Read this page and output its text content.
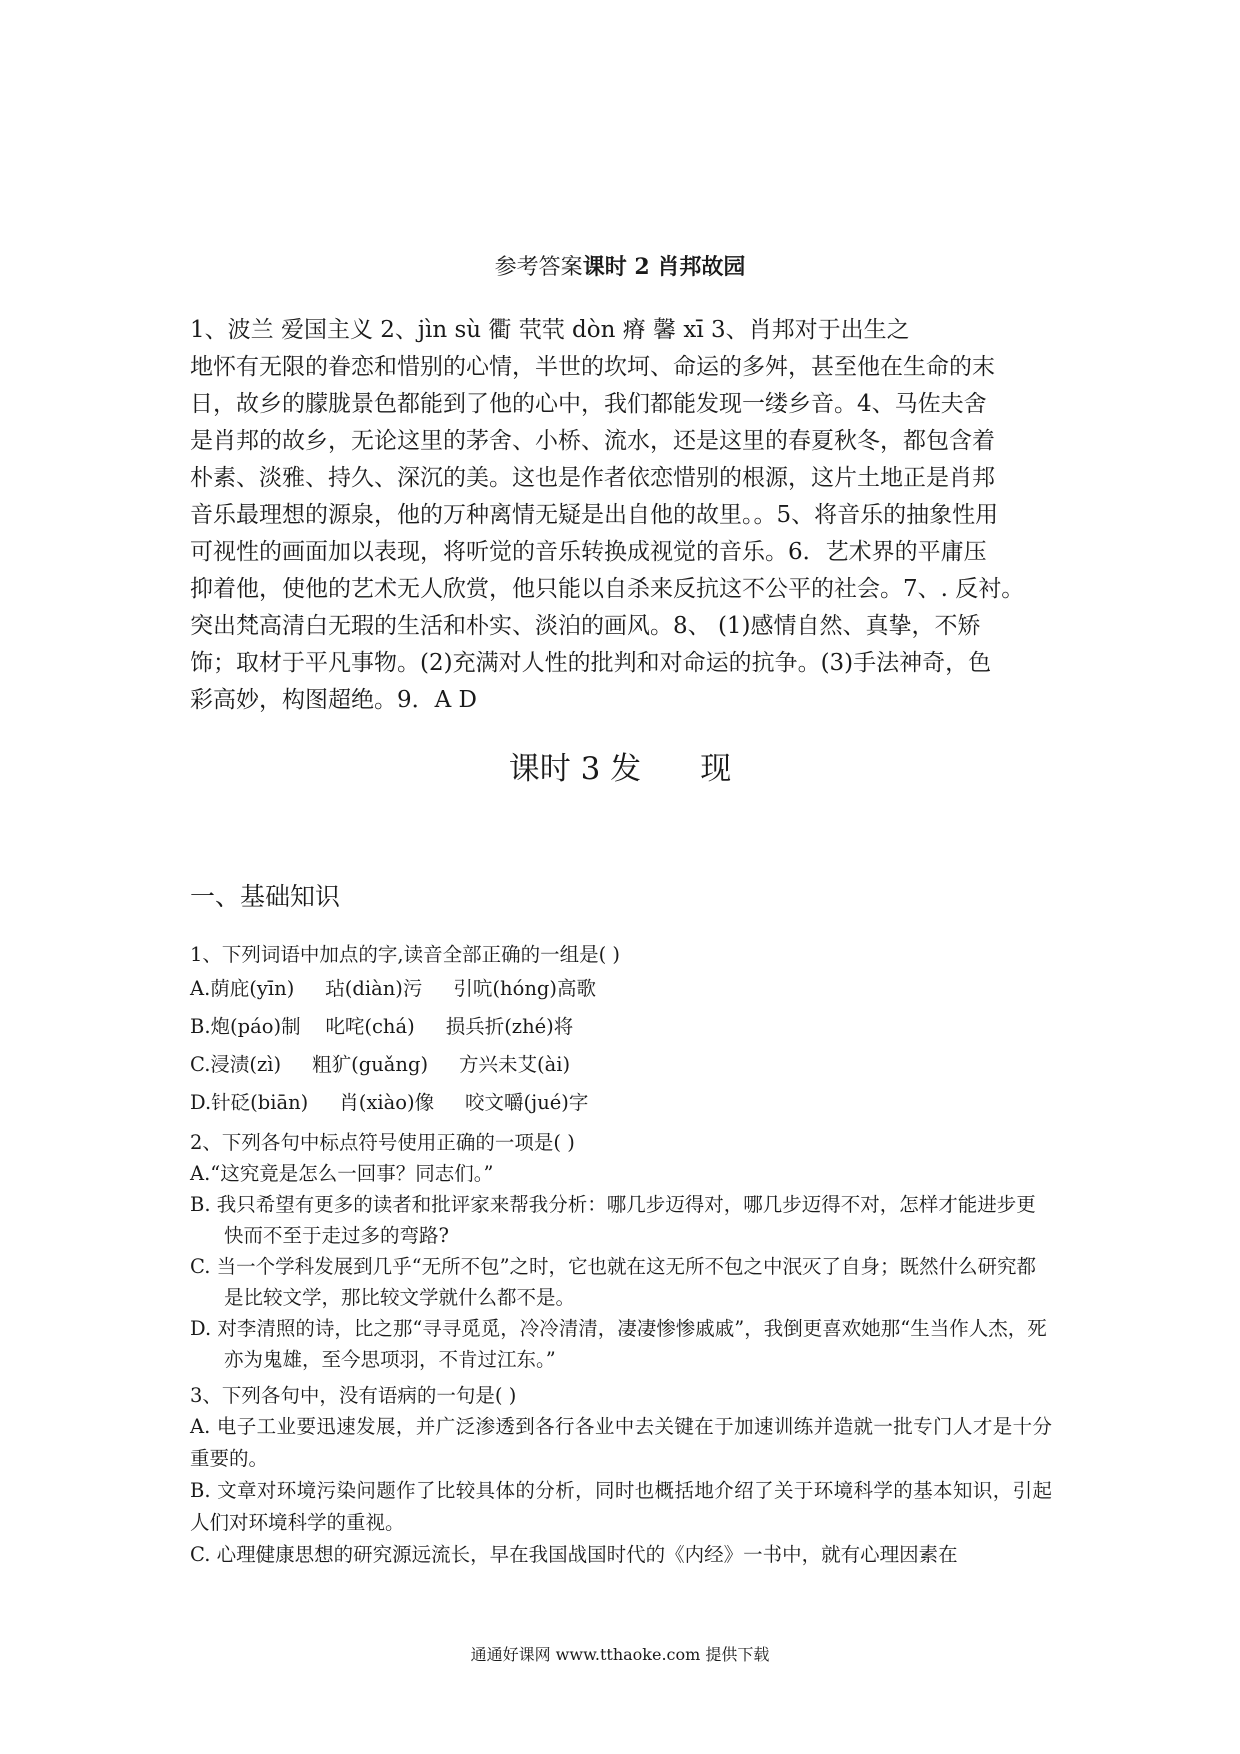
参考答案课时 2 肖邦故园
1、波兰 爱国主义 2、jìn sù 衢 茕茕 dòn 瘠 馨 xī 3、肖邦对于出生之
地怀有无限的眷恋和惜别的心情，半世的坎坷、命运的多舛，甚至他在生命的末
日，故乡的朦胧景色都能到了他的心中，我们都能发现一缕乡音。4、马佐夫舍
是肖邦的故乡，无论这里的茅舍、小桥、流水，还是这里的春夏秋冬，都包含着
朴素、淡雅、持久、深沉的美。这也是作者依恋惜别的根源，这片土地正是肖邦
音乐最理想的源泉，他的万种离情无疑是出自他的故里。。5、将音乐的抽象性用
可视性的画面加以表现，将听觉的音乐转换成视觉的音乐。6．艺术界的平庸压
抑着他，使他的艺术无人欣赏，他只能以自杀来反抗这不公平的社会。7、. 反衬。
突出梵高清白无瑕的生活和朴实、淡泊的画风。8、 (1)感情自然、真挚，不矫
饰；取材于平凡事物。(2)充满对人性的批判和对命运的抗争。(3)手法神奇，色
彩高妙，构图超绝。9．A D
课时 3 发      现
一、基础知识

1、下列词语中加点的字,读音全部正确的一组是( )

A.荫庇(yīn)     玷(diàn)污     引吭(hóng)高歌

B.炮(páo)制    叱咤(chá)     损兵折(zhé)将

C.浸渍(zì)     粗犷(guǎng)     方兴未艾(ài)

D.针砭(biān)     肖(xiào)像     咬文嚼(jué)字

2、下列各句中标点符号使用正确的一项是( )

A.“这究竟是怎么一回事？同志们。”

B. 我只希望有更多的读者和批评家来帮我分析：哪几步迈得对，哪几步迈得不对，怎样才能进步更快而不至于走过多的弯路?

C. 当一个学科发展到几乎“无所不包”之时，它也就在这无所不包之中泯灭了自身；既然什么研究都是比较文学，那比较文学就什么都不是。

D. 对李清照的诗，比之那“寻寻觅觅，冷冷清清，凄凄惨惨戚戚”，我倒更喜欢她那“生当作人杰，死亦为鬼雄，至今思项羽，不肯过江东。”

3、下列各句中，没有语病的一句是( )

A. 电子工业要迅速发展，并广泛渗透到各行各业中去关键在于加速训练并造就一批专门人才是十分重要的。

B. 文章对环境污染问题作了比较具体的分析，同时也概括地介绍了关于环境科学的基本知识，引起人们对环境科学的重视。

C. 心理健康思想的研究源远流长，早在我国战国时代的《内经》一书中，就有心理因素在

通通好课网 www.tthaoke.com 提供下载
